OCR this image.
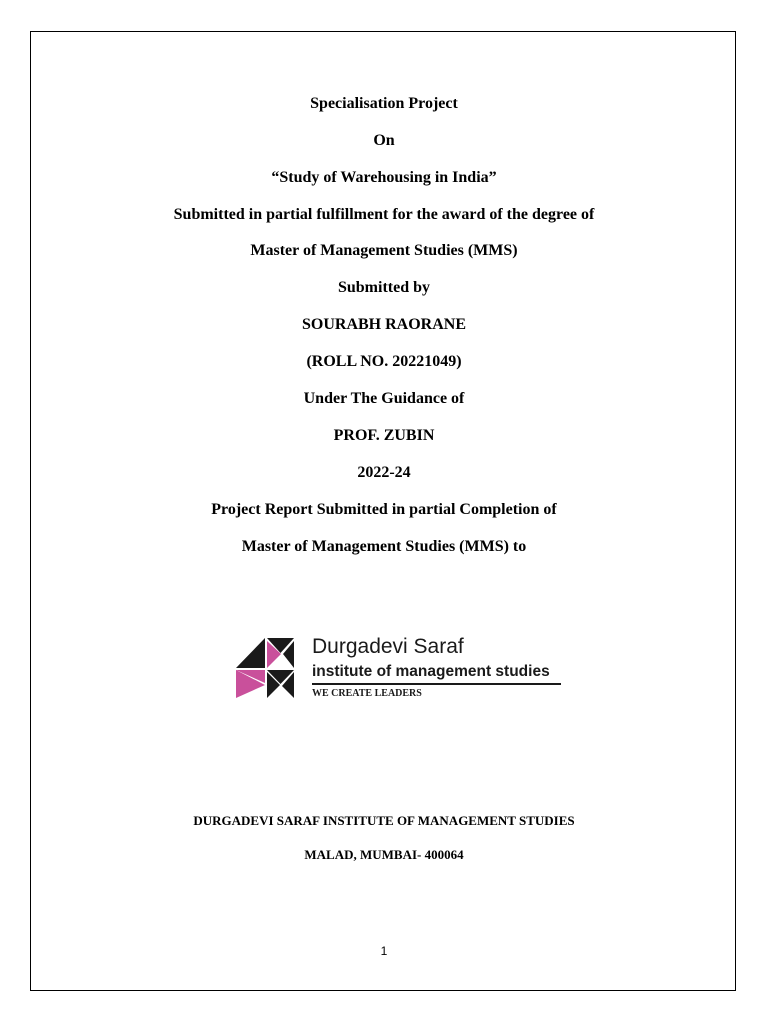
Specialisation Project
On
“Study of Warehousing in India”
Submitted in partial fulfillment for the award of the degree of
Master of Management Studies (MMS)
Submitted by
SOURABH RAORANE
(ROLL NO. 20221049)
Under The Guidance of
PROF. ZUBIN
2022-24
Project Report Submitted in partial Completion of
Master of Management Studies (MMS) to
Durgadevi Saraf
institute of management studies
WE CREATE LEADERS
DURGADEVI SARAF INSTITUTE OF MANAGEMENT STUDIES
MALAD, MUMBAI- 400064
1
